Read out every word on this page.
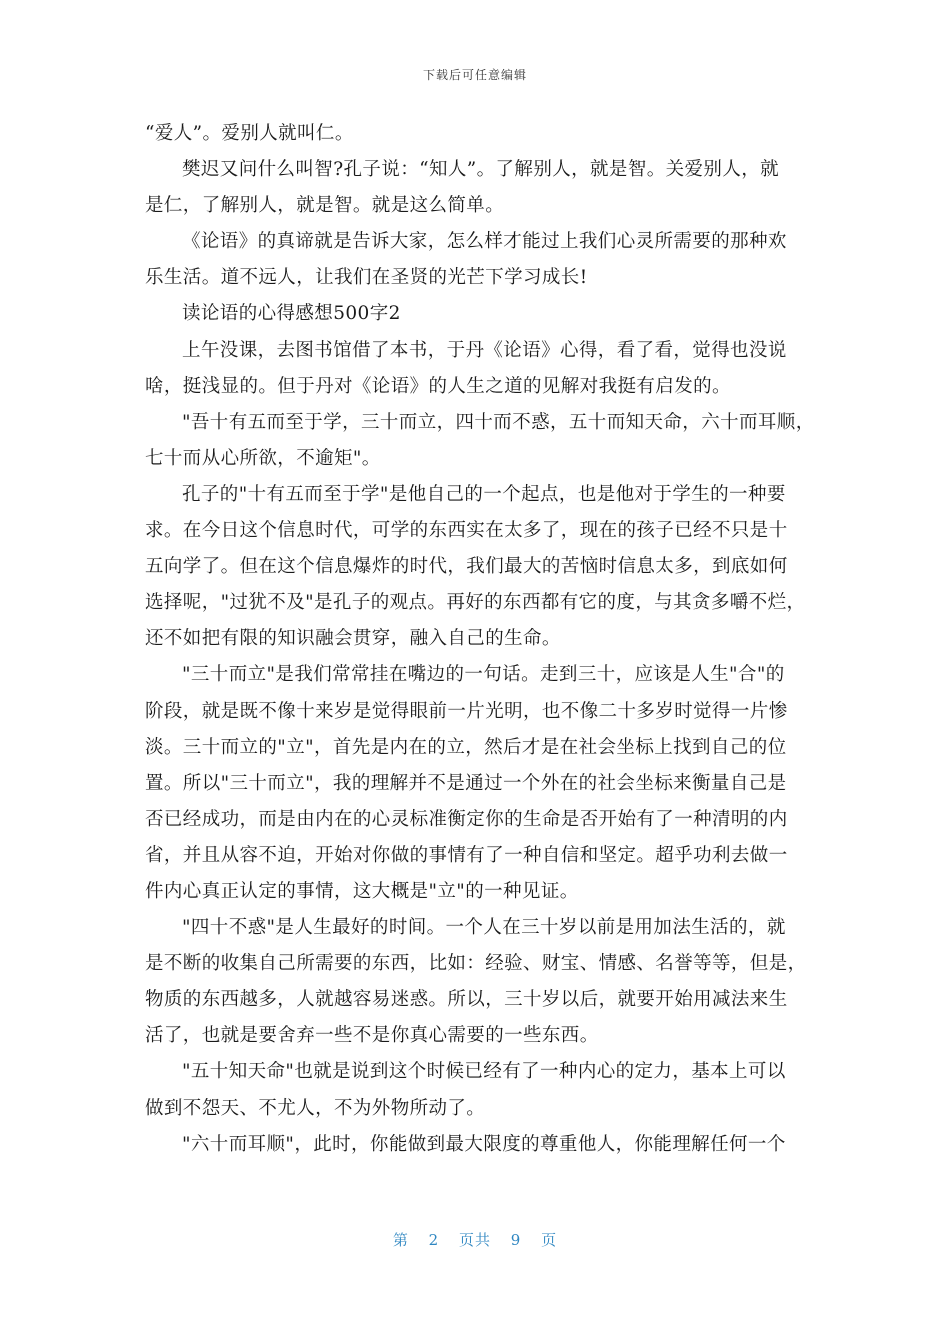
下载后可任意编辑
“爱人”。爱别人就叫仁。
樊迟又问什么叫智?孔子说：“知人”。了解别人，就是智。关爱别人，就
是仁，了解别人，就是智。就是这么简单。
《论语》的真谛就是告诉大家，怎么样才能过上我们心灵所需要的那种欢
乐生活。道不远人，让我们在圣贤的光芒下学习成长!
读论语的心得感想500字2
上午没课，去图书馆借了本书，于丹《论语》心得，看了看，觉得也没说
啥，挺浅显的。但于丹对《论语》的人生之道的见解对我挺有启发的。
"吾十有五而至于学，三十而立，四十而不惑，五十而知天命，六十而耳顺，
七十而从心所欲，不逾矩"。
孔子的"十有五而至于学"是他自己的一个起点，也是他对于学生的一种要
求。在今日这个信息时代，可学的东西实在太多了，现在的孩子已经不只是十
五向学了。但在这个信息爆炸的时代，我们最大的苦恼时信息太多，到底如何
选择呢，"过犹不及"是孔子的观点。再好的东西都有它的度，与其贪多嚼不烂，
还不如把有限的知识融会贯穿，融入自己的生命。
"三十而立"是我们常常挂在嘴边的一句话。走到三十，应该是人生"合"的
阶段，就是既不像十来岁是觉得眼前一片光明，也不像二十多岁时觉得一片惨
淡。三十而立的"立"，首先是内在的立，然后才是在社会坐标上找到自己的位
置。所以"三十而立"，我的理解并不是通过一个外在的社会坐标来衡量自己是
否已经成功，而是由内在的心灵标准衡定你的生命是否开始有了一种清明的内
省，并且从容不迫，开始对你做的事情有了一种自信和坚定。超乎功利去做一
件内心真正认定的事情，这大概是"立"的一种见证。
"四十不惑"是人生最好的时间。一个人在三十岁以前是用加法生活的，就
是不断的收集自己所需要的东西，比如：经验、财宝、情感、名誉等等，但是，
物质的东西越多，人就越容易迷惑。所以，三十岁以后，就要开始用减法来生
活了，也就是要舍弃一些不是你真心需要的一些东西。
"五十知天命"也就是说到这个时候已经有了一种内心的定力，基本上可以
做到不怨天、不尤人，不为外物所动了。
"六十而耳顺"，此时，你能做到最大限度的尊重他人，你能理解任何一个
第 2 页共 9 页
